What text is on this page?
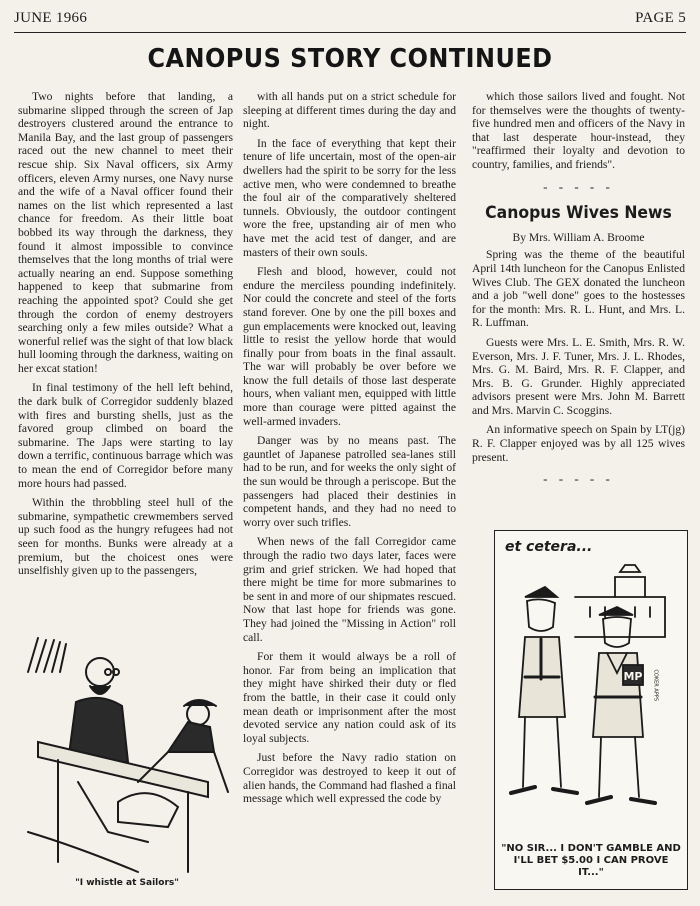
JUNE 1966	PAGE 5
CANOPUS STORY CONTINUED

Two nights before that landing, a submarine slipped through the screen of Jap destroyers clustered around the entrance to Manila Bay, and the last group of passengers raced out the new channel to meet their rescue ship. Six Naval officers, six Army officers, eleven Army nurses, one Navy nurse and the wife of a Naval officer found their names on the list which represented a last chance for freedom. As their little boat bobbed its way through the darkness, they found it almost impossible to convince themselves that the long months of trial were actually nearing an end. Suppose something happened to keep that submarine from reaching the appointed spot? Could she get through the cordon of enemy destroyers searching only a few miles outside? What a wonerful relief was the sight of that low black hull looming through the darkness, waiting on her excat station!

In final testimony of the hell left behind, the dark bulk of Corregidor suddenly blazed with fires and bursting shells, just as the favored group climbed on board the submarine. The Japs were starting to lay down a terrific, continuous barrage which was to mean the end of Corregidor before many more hours had passed.

Within the throbbling steel hull of the submarine, sympathetic crewmembers served up such food as the hungry refugees had not seen for months. Bunks were already at a premium, but the choicest ones were unselfishly given up to the passengers,

"I whistle at Sailors"

with all hands put on a strict schedule for sleeping at different times during the day and night.

In the face of everything that kept their tenure of life uncertain, most of the open-air dwellers had the spirit to be sorry for the less active men, who were condemned to breathe the foul air of the comparatively sheltered tunnels. Obviously, the outdoor contingent wore the free, upstanding air of men who have met the acid test of danger, and are masters of their own souls.

Flesh and blood, however, could not endure the merciless pounding indefinitely. Nor could the concrete and steel of the forts stand forever. One by one the pill boxes and gun emplacements were knocked out, leaving little to resist the yellow horde that would finally pour from boats in the final assault. The war will probably be over before we know the full details of those last desperate hours, when valiant men, equipped with little more than courage were pitted against the well-armed invaders.

Danger was by no means past. The gauntlet of Japanese patrolled sea-lanes still had to be run, and for weeks the only sight of the sun would be through a periscope. But the passengers had placed their destinies in competent hands, and they had no need to worry over such trifles.

When news of the fall Corregidor came through the radio two days later, faces were grim and grief stricken. We had hoped that there might be time for more submarines to be sent in and more of our shipmates rescued. Now that last hope for friends was gone. They had joined the "Missing in Action" roll call.

For them it would always be a roll of honor. Far from being an implication that they might have shirked their duty or fled from the battle, in their case it could only mean death or imprisonment after the most devoted service any nation could ask of its loyal subjects.

Just before the Navy radio station on Corregidor was destroyed to keep it out of alien hands, the Command had flashed a final message which well expressed the code by

which those sailors lived and fought. Not for themselves were the thoughts of twenty-five hundred men and officers of the Navy in that last desperate hour-instead, they "reaffirmed their loyalty and devotion to country, families, and friends".

- - - - -
Canopus Wives News
By Mrs. William A. Broome

Spring was the theme of the beautiful April 14th luncheon for the Canopus Enlisted Wives Club. The GEX donated the luncheon and a job "well done" goes to the hostesses for the month: Mrs. R. L. Hunt, and Mrs. L. R. Luffman.

Guests were Mrs. L. E. Smith, Mrs. R. W. Everson, Mrs. J. F. Tuner, Mrs. J. L. Rhodes, Mrs. G. M. Baird, Mrs. R. F. Clapper, and Mrs. B. G. Grunder. Highly appreciated advisors present were Mrs. John M. Barrett and Mrs. Marvin C. Scoggins.

An informative speech on Spain by LT(jg) R. F. Clapper enjoyed was by all 125 wives present.

- - - - -
et cetera...
MP COKER APPS
"NO SIR... I DON'T GAMBLE AND I'LL BET $5.00 I CAN PROVE IT..."
